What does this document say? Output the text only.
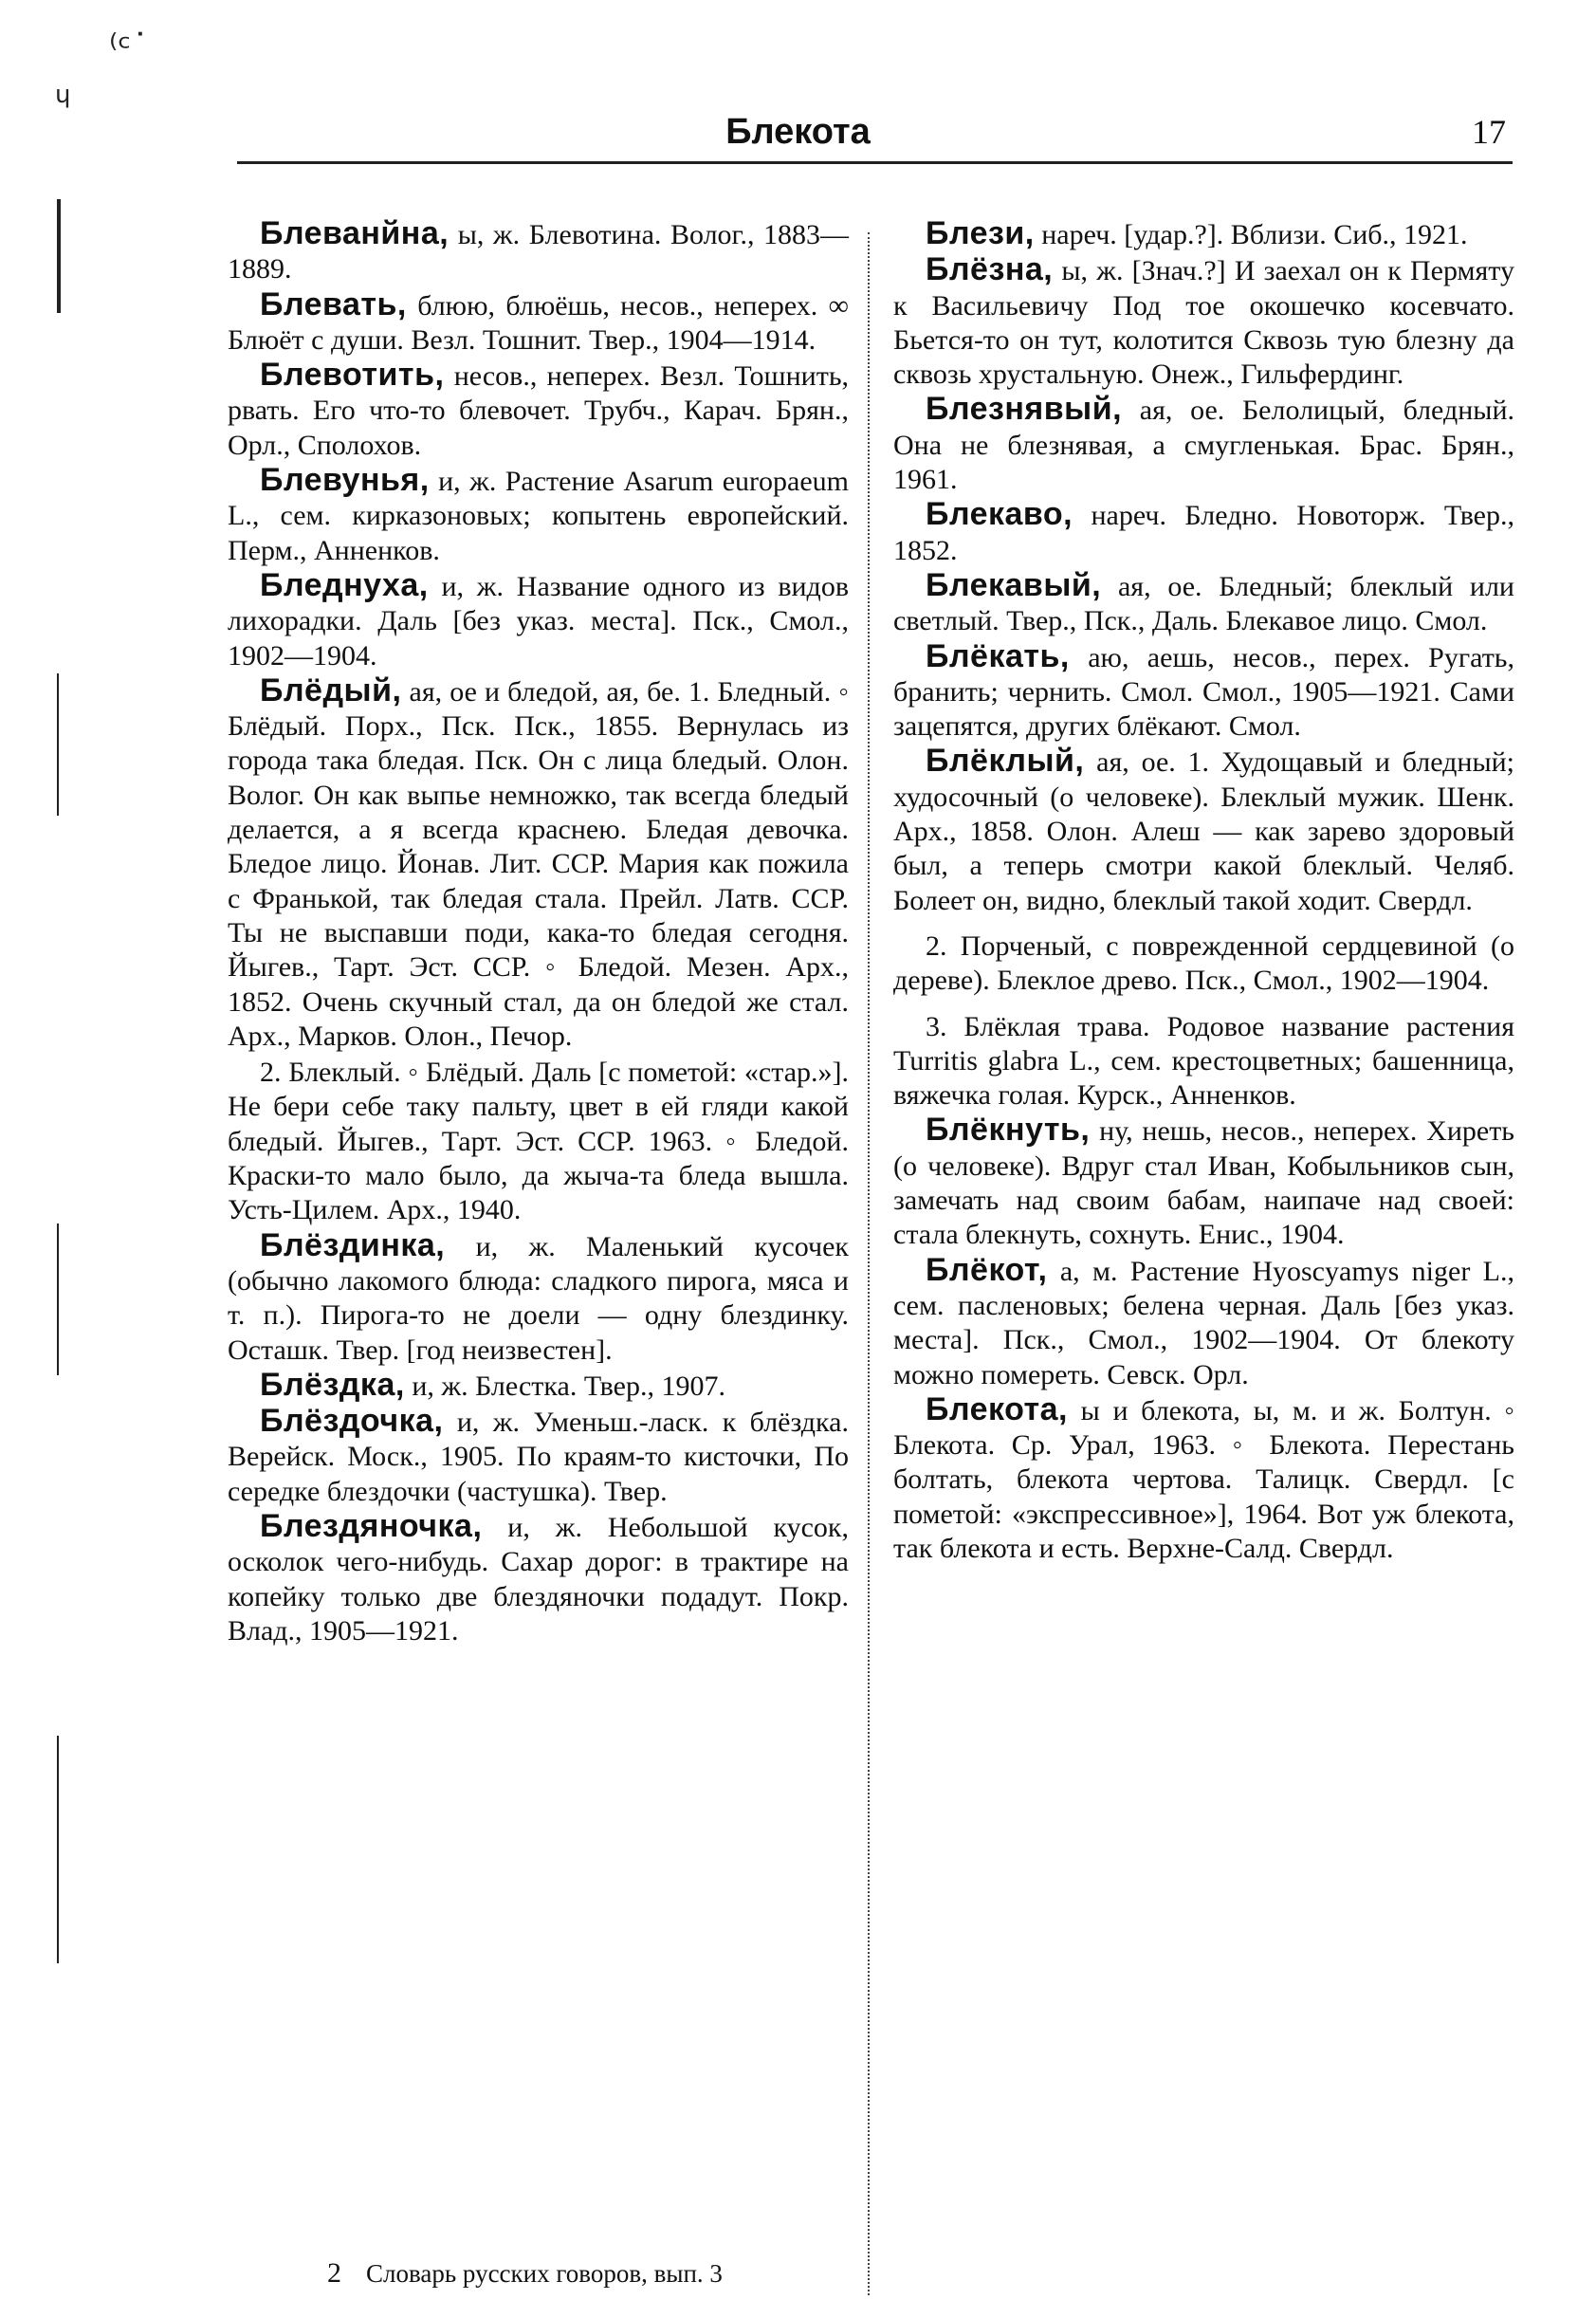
⁽ᶜ˙
ɥ
Блекота	17

Блеванйна, ы, ж. Блевотина. Волог., 1883—1889.

Блевать, блюю, блюёшь, несов., неперех. ∞ Блюёт с души. Везл. Тошнит. Твер., 1904—1914.

Блевотить, несов., неперех. Везл. Тошнить, рвать. Его что-то блевочет. Трубч., Карач. Брян., Орл., Сполохов.

Блевунья, и, ж. Растение Asarum europaeum L., сем. кирказоновых; копытень европейский. Перм., Анненков.

Бледнуха, и, ж. Название одного из видов лихорадки. Даль [без указ. места]. Пск., Смол., 1902—1904.

Блёдый, ая, ое и бледой, ая, бе. 1. Бледный. ◦ Блёдый. Порх., Пск. Пск., 1855. Вернулась из города така бледая. Пск. Он с лица бледый. Олон. Волог. Он как выпье немножко, так всегда бледый делается, а я всегда краснею. Бледая девочка. Бледое лицо. Йонав. Лит. ССР. Мария как пожила с Франькой, так бледая стала. Прейл. Латв. ССР. Ты не выспавши поди, кака-то бледая сегодня. Йыгев., Тарт. Эст. ССР. ◦ Бледой. Мезен. Арх., 1852. Очень скучный стал, да он бледой же стал. Арх., Марков. Олон., Печор.

2. Блеклый. ◦ Блёдый. Даль [с пометой: «стар.»]. Не бери себе таку пальту, цвет в ей гляди какой бледый. Йыгев., Тарт. Эст. ССР. 1963. ◦ Бледой. Краски-то мало было, да жыча-та бледа вышла. Усть-Цилем. Арх., 1940.

Блёздинка, и, ж. Маленький кусочек (обычно лакомого блюда: сладкого пирога, мяса и т. п.). Пирога-то не доели — одну блездинку. Осташк. Твер. [год неизвестен].

Блёздка, и, ж. Блестка. Твер., 1907.

Блёздочка, и, ж. Уменьш.-ласк. к блёздка. Верейск. Моск., 1905. По краям-то кисточки, По середке блездочки (частушка). Твер.

Блездяночка, и, ж. Небольшой кусок, осколок чего-нибудь. Сахар дорог: в трактире на копейку только две блездяночки подадут. Покр. Влад., 1905—1921.

Блези, нареч. [удар.?]. Вблизи. Сиб., 1921.

Блёзна, ы, ж. [Знач.?] И заехал он к Пермяту к Васильевичу Под тое окошечко косевчато. Бьется-то он тут, колотится Сквозь тую блезну да сквозь хрустальную. Онеж., Гильфердинг.

Блезнявый, ая, ое. Белолицый, бледный. Она не блезнявая, а смугленькая. Брас. Брян., 1961.

Блекаво, нареч. Бледно. Новоторж. Твер., 1852.

Блекавый, ая, ое. Бледный; блеклый или светлый. Твер., Пск., Даль. Блекавое лицо. Смол.

Блёкать, аю, аешь, несов., перех. Ругать, бранить; чернить. Смол. Смол., 1905—1921. Сами зацепятся, других блёкают. Смол.

Блёклый, ая, ое. 1. Худощавый и бледный; худосочный (о человеке). Блеклый мужик. Шенк. Арх., 1858. Олон. Алеш — как зарево здоровый был, а теперь смотри какой блеклый. Челяб. Болеет он, видно, блеклый такой ходит. Свердл.

2. Порченый, с поврежденной сердцевиной (о дереве). Блеклое древо. Пск., Смол., 1902—1904.

3. Блёклая трава. Родовое название растения Turritis glabra L., сем. крестоцветных; башенница, вяжечка голая. Курск., Анненков.

Блёкнуть, ну, нешь, несов., неперех. Хиреть (о человеке). Вдруг стал Иван, Кобыльников сын, замечать над своим бабам, наипаче над своей: стала блекнуть, сохнуть. Енис., 1904.

Блёкот, а, м. Растение Hyoscyamys niger L., сем. пасленовых; белена черная. Даль [без указ. места]. Пск., Смол., 1902—1904. От блекоту можно помереть. Севск. Орл.

Блекота, ы и блекота, ы, м. и ж. Болтун. ◦ Блекота. Ср. Урал, 1963. ◦ Блекота. Перестань болтать, блекота чертова. Талицк. Свердл. [с пометой: «экспрессивное»], 1964. Вот уж блекота, так блекота и есть. Верхне-Салд. Свердл.

2 Словарь русских говоров, вып. 3
